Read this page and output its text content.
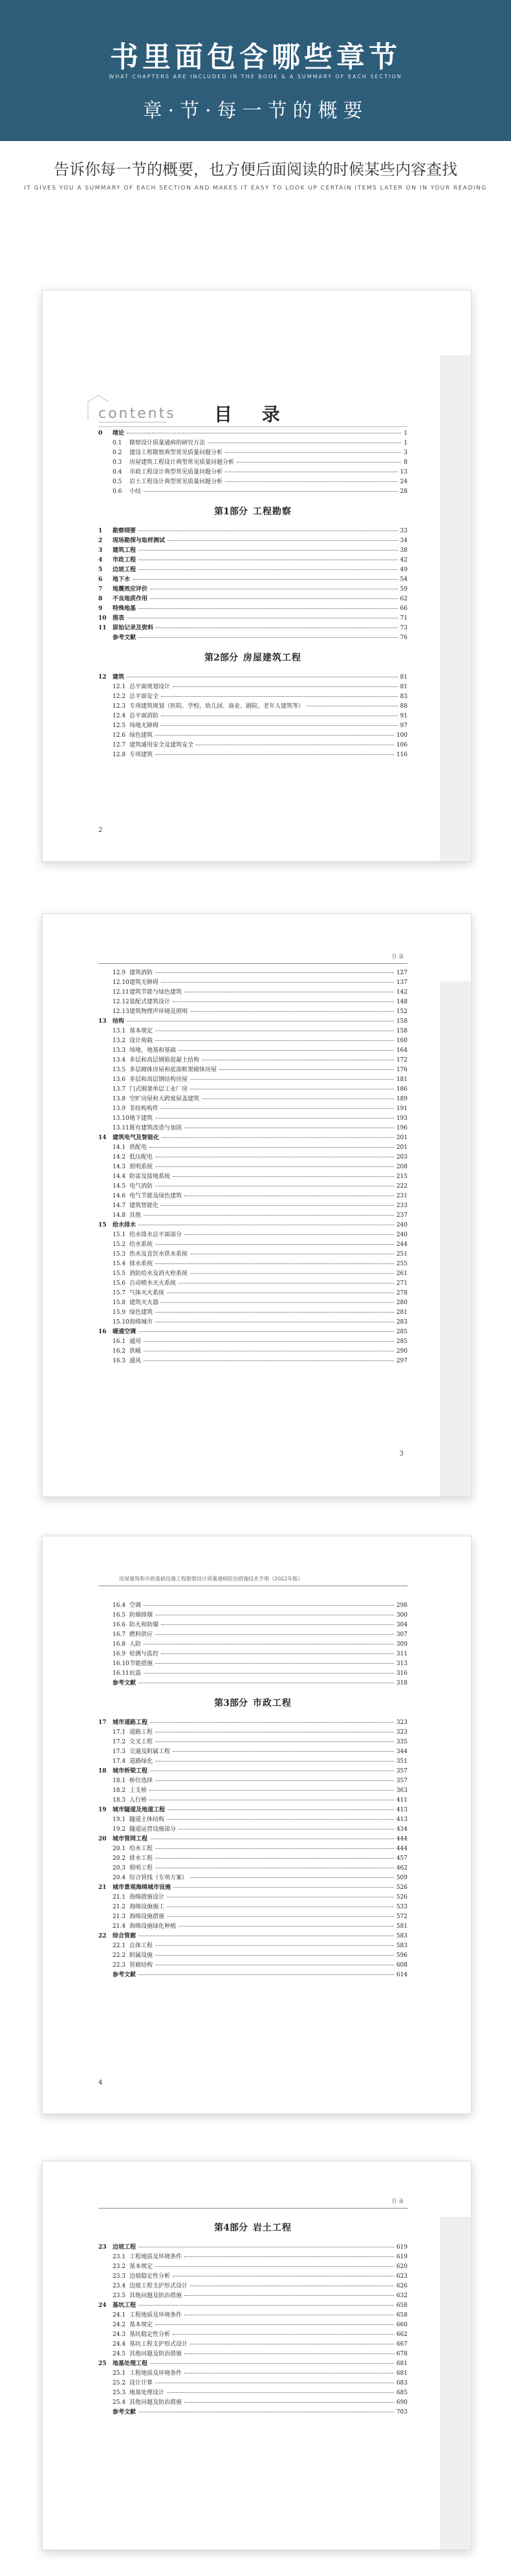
书里面包含哪些章节
WHAT CHAPTERS ARE INCLUDED IN THE BOOK & A SUMMARY OF EACH SECTION
章·节·每一节的概要
告诉你每一节的概要，也方便后面阅读的时候某些内容查找
IT GIVES YOU A SUMMARY OF EACH SECTION AND MAKES IT EASY TO LOOK UP CERTAIN ITEMS LATER ON IN YOUR READING
contents 目 录
0	绪论	1
0.1	勘察设计质量通病的研究方法	1
0.2	建设工程勘察典型常见质量问题分析	3
0.3	房屋建筑工程设计典型常见质量问题分析	8
0.4	市政工程设计典型常见质量问题分析	13
0.5	岩土工程设计典型常见质量问题分析	24
0.6	小结	28
第1部分 工程勘察
1	勘察纲要	33
2	现场勘探与取样测试	34
3	建筑工程	38
4	市政工程	42
5	边坡工程	49
6	地下水	54
7	地震效应评价	59
8	不良地质作用	62
9	特殊地基	66
10	图表	71
11	原始记录及资料	73
参考文献	76
第2部分 房屋建筑工程
12	建筑	81
12.1 总平面规划设计	81
12.2 总平面安全	83
12.3 专项建筑规划（医院、学校、幼儿园、商业、剧院、老年人建筑等）	88
12.4 总平面消防	91
12.5 场地无障碍	97
12.6 绿色建筑	100
12.7 建筑通用安全及建筑安全	106
12.8 专项建筑	116
2
目 录
12.9 建筑消防	127
12.10 建筑无障碍	137
12.11 建筑节能与绿色建筑	142
12.12 装配式建筑设计	148
12.13 建筑物理声环境及照明	152
13	结构	158
13.1 基本规定	158
13.2 设计荷载	160
13.3 场地、地基和基础	164
13.4 多层和高层钢筋混凝土结构	172
13.5 多层砌体房屋和底部框架砌体房屋	176
13.6 多层和高层钢结构房屋	181
13.7 门式刚架单层工业厂房	186
13.8 空旷房屋和大跨度屋盖建筑	189
13.9 非结构构件	191
13.10 地下建筑	193
13.11 既有建筑改造与加固	196
14	建筑电气及智能化	201
14.1 供配电	201
14.2 低压配电	203
14.3 照明系统	208
14.4 防雷及接地系统	215
14.5 电气消防	222
14.6 电气节能及绿色建筑	231
14.7 建筑智能化	233
14.8 其他	237
15	给水排水	240
15.1 给水排水总平面部分	240
15.2 给水系统	244
15.3 热水及直饮水供水系统	251
15.4 排水系统	255
15.5 消防给水及消火栓系统	261
15.6 自动喷水灭火系统	271
15.7 气体灭火系统	278
15.8 建筑灭火器	280
15.9 绿色建筑	281
15.10 海绵城市	283
16	暖通空调	285
16.1 通用	285
16.2 供暖	290
16.3 通风	297
3
房屋建筑和市政基础设施工程勘察设计质量通病防治措施技术手册（2022年版）
16.4 空调	298
16.5 防烟排烟	300
16.6 防火和防爆	304
16.7 燃料供应	307
16.8 人防	309
16.9 检测与监控	311
16.10 节能措施	313
16.11 抗震	316
参考文献	318
第3部分 市政工程
17	城市道路工程	323
17.1 道路工程	323
17.2 交叉工程	335
17.3 交通及附属工程	344
17.4 道路绿化	351
18	城市桥梁工程	357
18.1 桥位选择	357
18.2 上支桥	363
18.3 人行桥	411
19	城市隧道及地道工程	413
19.1 隧道主体结构	413
19.2 隧道运营设施部分	434
20	城市管网工程	444
20.1 给水工程	444
20.2 排水工程	457
20.3 照明工程	462
20.4 综合管线（专项方案）	509
21	城市景观海绵城市设施	526
21.1 海绵措施设计	526
21.2 海绵设施施工	533
21.3 海绵设施措施	572
21.4 海绵设施绿化种植	581
22	综合管廊	583
22.1 总体工程	583
22.2 附属设施	596
22.3 管廊结构	608
参考文献	614
4
目 录
第4部分 岩土工程
23	边坡工程	619
23.1 工程地质及环境条件	619
23.2 基本规定	620
23.3 边坡稳定性分析	623
23.4 边坡工程支护形式设计	626
23.5 其他问题及防治措施	632
24	基坑工程	658
24.1 工程地质及环境条件	658
24.2 基本规定	660
24.3 基坑稳定性分析	662
24.4 基坑工程支护形式设计	667
24.5 其他问题及防治措施	678
25	地基处理工程	681
25.1 工程地质及环境条件	681
25.2 设计计算	683
25.3 地基处理设计	685
25.4 其他问题及防治措施	690
参考文献	703
